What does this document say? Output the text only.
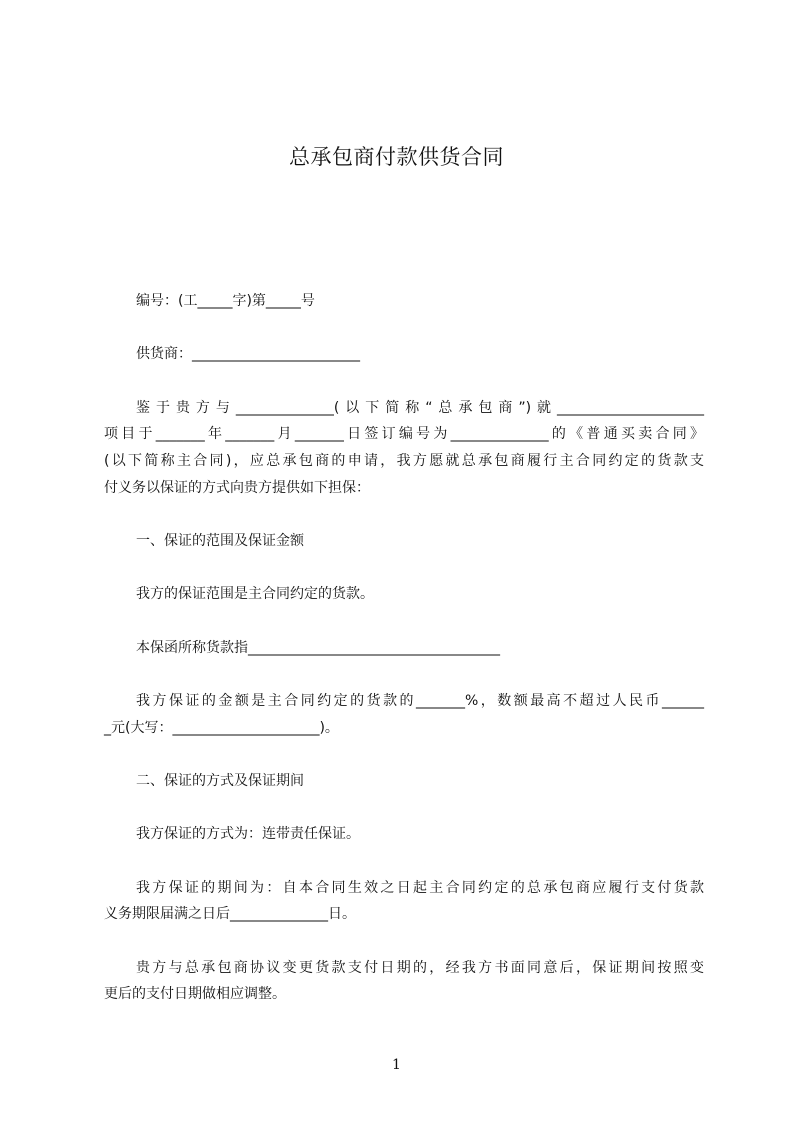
总承包商付款供货合同
编号：(工_____字)第_____号
供货商：________________________
鉴于贵方与______________(以下简称“总承包商”)就_____________________
项目于_______年_______月_______日签订编号为______________的《普通买卖合同》
(以下简称主合同)，应总承包商的申请，我方愿就总承包商履行主合同约定的货款支
付义务以保证的方式向贵方提供如下担保：
一、保证的范围及保证金额
我方的保证范围是主合同约定的货款。
本保函所称货款指____________________________________
我方保证的金额是主合同约定的货款的_______%，数额最高不超过人民币______
_元(大写：_____________________)。
二、保证的方式及保证期间
我方保证的方式为：连带责任保证。
我方保证的期间为：自本合同生效之日起主合同约定的总承包商应履行支付货款
义务期限届满之日后______________日。
贵方与总承包商协议变更货款支付日期的，经我方书面同意后，保证期间按照变
更后的支付日期做相应调整。
1
